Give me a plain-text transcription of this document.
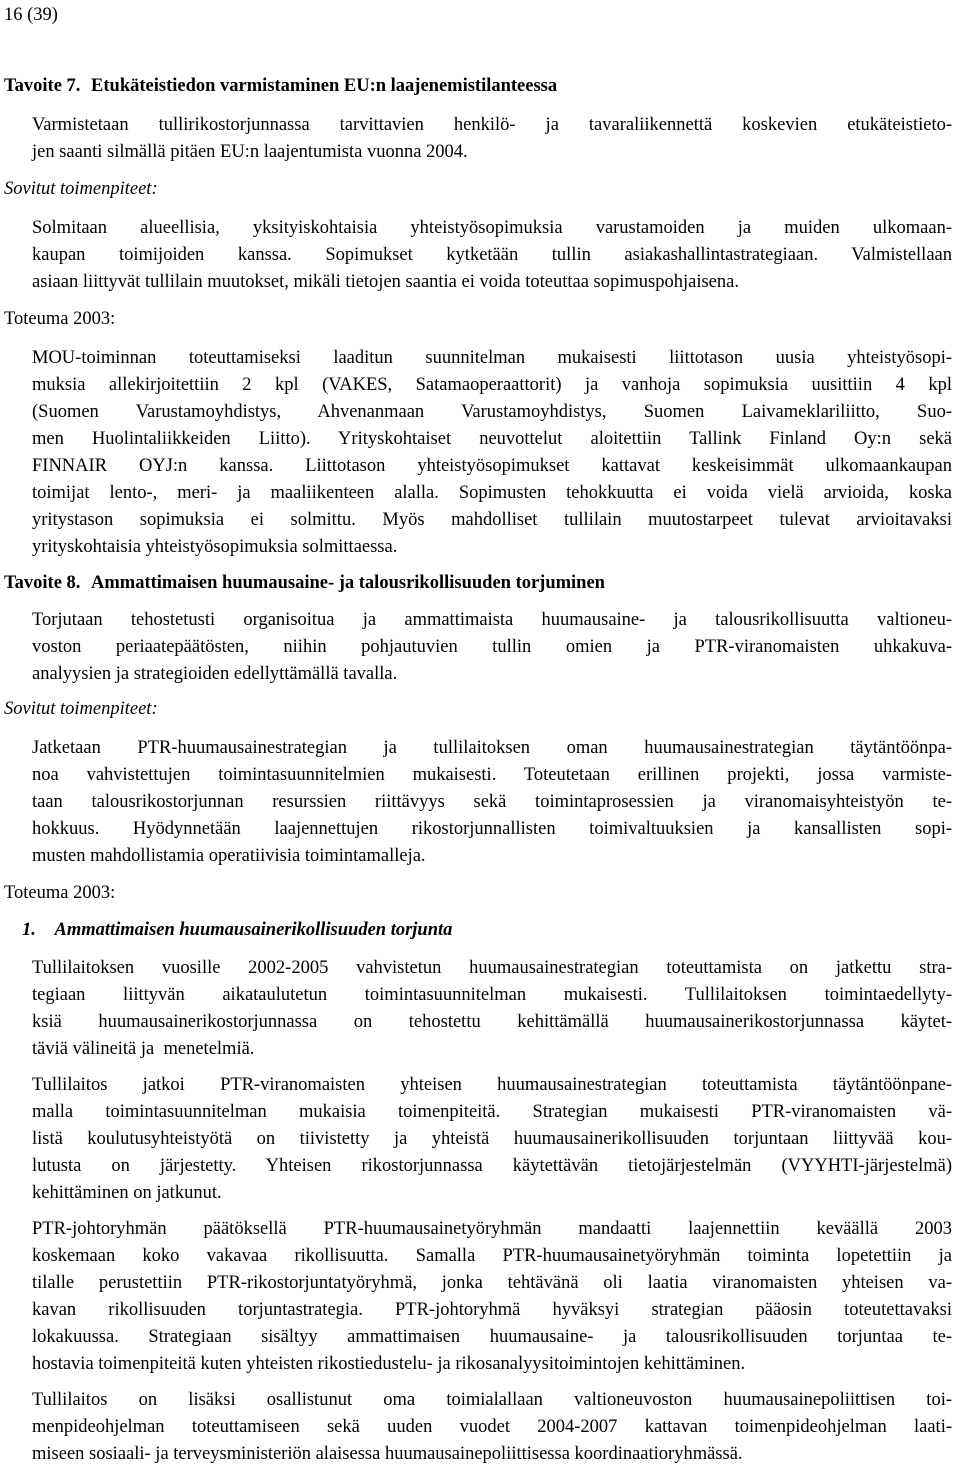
16 (39)
Tavoite 7. Etukäteistiedon varmistaminen EU:n laajenemistilanteessa
Varmistetaan tullirikostorjunnassa tarvittavien henkilö- ja tavaraliikennettä koskevien etukäteistieto-
jen saanti silmällä pitäen EU:n laajentumista vuonna 2004.
Sovitut toimenpiteet:
Solmitaan alueellisia, yksityiskohtaisia yhteistyösopimuksia varustamoiden ja muiden ulkomaan-
kaupan toimijoiden kanssa. Sopimukset kytketään tullin asiakashallintastrategiaan. Valmistellaan
asiaan liittyvät tullilain muutokset, mikäli tietojen saantia ei voida toteuttaa sopimuspohjaisena.
Toteuma 2003:
MOU-toiminnan toteuttamiseksi laaditun suunnitelman mukaisesti liittotason uusia yhteistyösopi-
muksia allekirjoitettiin 2 kpl (VAKES, Satamaoperaattorit) ja vanhoja sopimuksia uusittiin 4 kpl
(Suomen Varustamoyhdistys, Ahvenanmaan Varustamoyhdistys, Suomen Laivameklariliitto, Suo-
men Huolintaliikkeiden Liitto). Yrityskohtaiset neuvottelut aloitettiin Tallink Finland Oy:n sekä
FINNAIR OYJ:n kanssa. Liittotason yhteistyösopimukset kattavat keskeisimmät ulkomaankaupan
toimijat lento-, meri- ja maaliikenteen alalla. Sopimusten tehokkuutta ei voida vielä arvioida, koska
yritystason sopimuksia ei solmittu. Myös mahdolliset tullilain muutostarpeet tulevat arvioitavaksi
yrityskohtaisia yhteistyösopimuksia solmittaessa.
Tavoite 8. Ammattimaisen huumausaine- ja talousrikollisuuden torjuminen
Torjutaan tehostetusti organisoitua ja ammattimaista huumausaine- ja talousrikollisuutta valtioneu-
voston periaatepäätösten, niihin pohjautuvien tullin omien ja PTR-viranomaisten uhkakuva-
analyysien ja strategioiden edellyttämällä tavalla.
Sovitut toimenpiteet:
Jatketaan PTR-huumausainestrategian ja tullilaitoksen oman huumausainestrategian täytäntöönpa-
noa vahvistettujen toimintasuunnitelmien mukaisesti. Toteutetaan erillinen projekti, jossa varmiste-
taan talousrikostorjunnan resurssien riittävyys sekä toimintaprosessien ja viranomaisyhteistyön te-
hokkuus. Hyödynnetään laajennettujen rikostorjunnallisten toimivaltuuksien ja kansallisten sopi-
musten mahdollistamia operatiivisia toimintamalleja.
Toteuma 2003:
1. Ammattimaisen huumausainerikollisuuden torjunta
Tullilaitoksen vuosille 2002-2005 vahvistetun huumausainestrategian toteuttamista on jatkettu stra-
tegiaan liittyvän aikataulutetun toimintasuunnitelman mukaisesti. Tullilaitoksen toimintaedellyty-
ksiä huumausainerikostorjunnassa on tehostettu kehittämällä huumausainerikostorjunnassa käytet-
täviä välineitä ja  menetelmiä.
Tullilaitos jatkoi PTR-viranomaisten yhteisen huumausainestrategian toteuttamista täytäntöönpane-
malla toimintasuunnitelman mukaisia toimenpiteitä. Strategian mukaisesti PTR-viranomaisten vä-
listä koulutusyhteistyötä on tiivistetty ja yhteistä huumausainerikollisuuden torjuntaan liittyvää kou-
lutusta on järjestetty. Yhteisen rikostorjunnassa käytettävän tietojärjestelmän (VYYHTI-järjestelmä)
kehittäminen on jatkunut.
PTR-johtoryhmän päätöksellä PTR-huumausainetyöryhmän mandaatti laajennettiin keväällä 2003
koskemaan koko vakavaa rikollisuutta. Samalla PTR-huumausainetyöryhmän toiminta lopetettiin ja
tilalle perustettiin PTR-rikostorjuntatyöryhmä, jonka tehtävänä oli laatia viranomaisten yhteisen va-
kavan rikollisuuden torjuntastrategia. PTR-johtoryhmä hyväksyi strategian pääosin toteutettavaksi
lokakuussa. Strategiaan sisältyy ammattimaisen huumausaine- ja talousrikollisuuden torjuntaa te-
hostavia toimenpiteitä kuten yhteisten rikostiedustelu- ja rikosanalyysitoimintojen kehittäminen.
Tullilaitos on lisäksi osallistunut oma toimialallaan valtioneuvoston huumausainepoliittisen toi-
menpideohjelman toteuttamiseen sekä uuden vuodet 2004-2007 kattavan toimenpideohjelman laati-
miseen sosiaali- ja terveysministeriön alaisessa huumausainepoliittisessa koordinaatioryhmässä.
